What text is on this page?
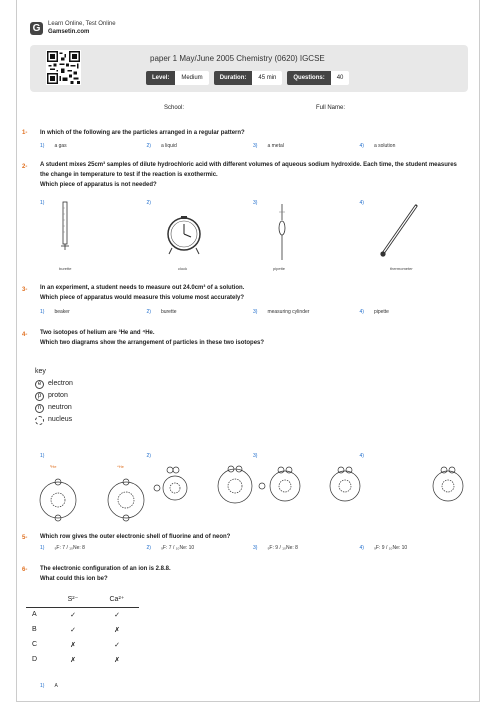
G	Learn Online, Test Online
Gamsetin.com
paper 1 May/June 2005 Chemistry (0620) IGCSE
Level:	Medium	Duration:	45 min	Questions:	40
School:	Full Name:
1- In which of the following are the particles arranged in a regular pattern?
1) a gas	2) a liquid	3) a metal	4) a solution
2- A student mixes 25cm³ samples of dilute hydrochloric acid with different volumes of aqueous sodium hydroxide. Each time, the student measures the change in temperature to test if the reaction is exothermic.
Which piece of apparatus is not needed?
1)	2)	3)	4)
burette	clock	pipette	thermometer
3- In an experiment, a student needs to measure out 24.0cm³ of a solution.
Which piece of apparatus would measure this volume most accurately?
1) beaker	2) burette	3) measuring cylinder	4) pipette
4- Two isotopes of helium are ³He and ⁴He.
Which two diagrams show the arrangement of particles in these two isotopes?
key
e electron
p proton
n neutron
nucleus
1)	2)	3)	4)
³He	⁴He
5- Which row gives the outer electronic shell of fluorine and of neon?
1) ₉F: 7 / ₁₀Ne: 8	2) ₉F: 7 / ₁₀Ne: 10	3) ₉F: 9 / ₁₀Ne: 8	4) ₉F: 9 / ₁₀Ne: 10
6- The electronic configuration of an ion is 2.8.8.
What could this ion be?
	S²⁻	Ca²⁺
A	✓	✓
B	✓	✗
C	✗	✓
D	✗	✗
1) A
